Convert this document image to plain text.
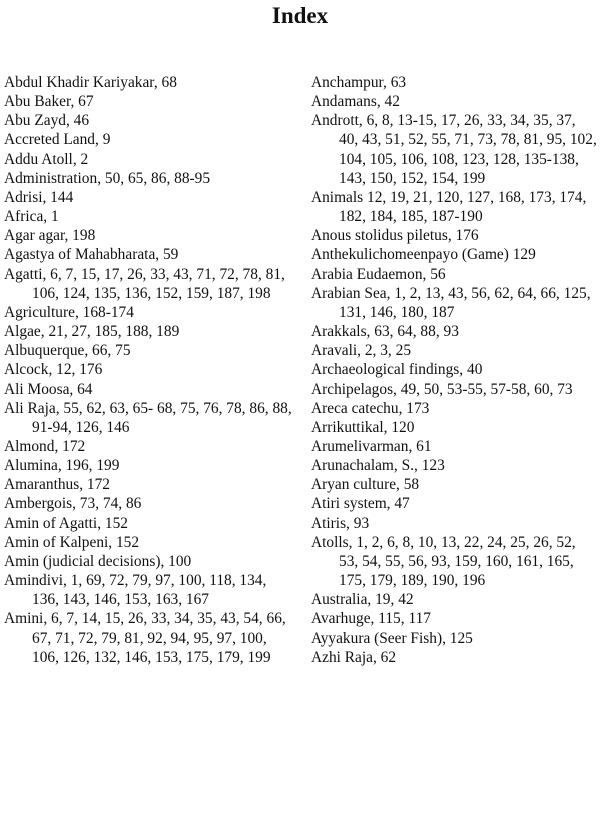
Index
Abdul Khadir Kariyakar, 68
Abu Baker, 67
Abu Zayd, 46
Accreted Land, 9
Addu Atoll, 2
Administration, 50, 65, 86, 88-95
Adrisi, 144
Africa, 1
Agar agar, 198
Agastya of Mahabharata, 59
Agatti, 6, 7, 15, 17, 26, 33, 43, 71, 72, 78, 81, 106, 124, 135, 136, 152, 159, 187, 198
Agriculture, 168-174
Algae, 21, 27, 185, 188, 189
Albuquerque, 66, 75
Alcock, 12, 176
Ali Moosa, 64
Ali Raja, 55, 62, 63, 65- 68, 75, 76, 78, 86, 88, 91-94, 126, 146
Almond, 172
Alumina, 196, 199
Amaranthus, 172
Ambergois, 73, 74, 86
Amin of Agatti, 152
Amin of Kalpeni, 152
Amin (judicial decisions), 100
Amindivi, 1, 69, 72, 79, 97, 100, 118, 134, 136, 143, 146, 153, 163, 167
Amini, 6, 7, 14, 15, 26, 33, 34, 35, 43, 54, 66, 67, 71, 72, 79, 81, 92, 94, 95, 97, 100, 106, 126, 132, 146, 153, 175, 179, 199
Anchampur, 63
Andamans, 42
Andrott, 6, 8, 13-15, 17, 26, 33, 34, 35, 37, 40, 43, 51, 52, 55, 71, 73, 78, 81, 95, 102, 104, 105, 106, 108, 123, 128, 135-138, 143, 150, 152, 154, 199
Animals 12, 19, 21, 120, 127, 168, 173, 174, 182, 184, 185, 187-190
Anous stolidus piletus, 176
Anthekulichomeenpayo (Game) 129
Arabia Eudaemon, 56
Arabian Sea, 1, 2, 13, 43, 56, 62, 64, 66, 125, 131, 146, 180, 187
Arakkals, 63, 64, 88, 93
Aravali, 2, 3, 25
Archaeological findings, 40
Archipelagos, 49, 50, 53-55, 57-58, 60, 73
Areca catechu, 173
Arrikuttikal, 120
Arumelivarman, 61
Arunachalam, S., 123
Aryan culture, 58
Atiri system, 47
Atiris, 93
Atolls, 1, 2, 6, 8, 10, 13, 22, 24, 25, 26, 52, 53, 54, 55, 56, 93, 159, 160, 161, 165, 175, 179, 189, 190, 196
Australia, 19, 42
Avarhuge, 115, 117
Ayyakura (Seer Fish), 125
Azhi Raja, 62
